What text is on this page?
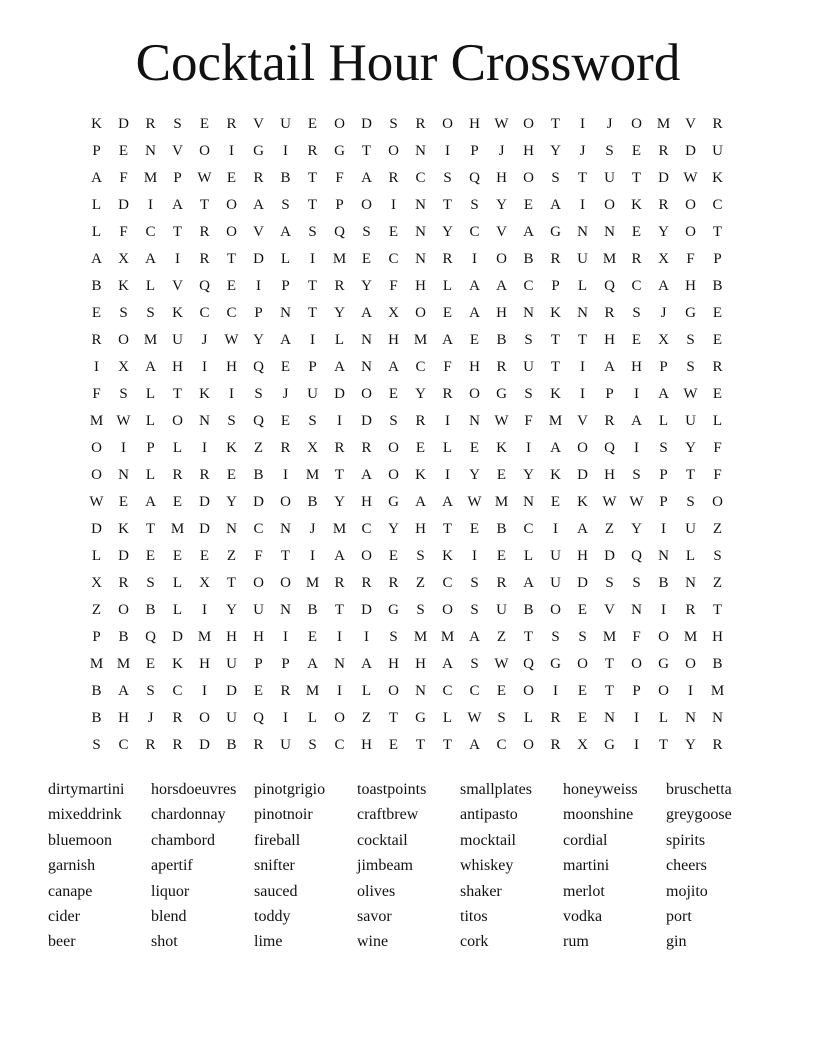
Cocktail Hour Crossword
K	D	R	S	E	R	V	U	E	O	D	S	R	O	H W O	T	I	J	O M V	R
P	E	N	V	O	I	G	I	R	G	T	O	N	I	P	J	H	Y	J	S	E	R	D	U
A	F	M	P	W	E	R	B	T	F	A	R	C	S	Q	H	O	S	T	U	T	D W K
L	D	I	A	T	O	A	S	T	P	O	I	N	T	S	Y	E	A	I	O	K	R	O	C
L	F	C	T	R	O	V	A	S	Q	S	E	N	Y	C	V	A	G	N	N	E	Y	O	T
A	X	A	I	R	T	D	L	I	M	E	C	N	R	I	O	B	R	U M	R	X	F	P
B	K	L	V	Q	E	I	P	T	R	Y	F	H	L	A	A	C	P	L	Q	C	A	H	B
E	S	S	K	C	C	P	N	T	Y	A	X	O	E	A	H	N	K	N	R	S	J	G	E
R	O M U	J	W Y	A	I	L	N	H M A	E	B	S	T	T	H	E	X	S	E
I	X	A	H	I	H	Q	E	P	A	N	A	C	F	H	R	U	T	I	A	H	P	S	R
F	S	L	T	K	I	S	J	U	D	O	E	Y	R	O	G	S	K	I	P	I	A W	E
M W	L	O	N	S	Q	E	S	I	D	S	R	I	N W	F	M V	R	A	L	U	L
O	I	P	L	I	K	Z	R	X	R	R	O	E	L	E	K	I	A	O	Q	I	S	Y	F
O	N	L	R	R	E	B	I	M	T	A	O	K	I	Y	E	Y	K	D	H	S	P	T	F
W	E	A	E	D	Y	D	O	B	Y	H	G	A	A W M N	E	K W W	P	S	O
D	K	T	M D	N	C	N	J	M	C	Y	H	T	E	B	C	I	A	Z	Y	I	U	Z
L	D	E	E	E	Z	F	T	I	A	O	E	S	K	I	E	L	U	H	D	Q	N	L	S
X	R	S	L	X	T	O	O M	R	R	R	Z	C	S	R	A	U	D	S	S	B	N	Z
Z	O	B	L	I	Y	U	N	B	T	D	G	S	O	S	U	B	O	E	V	N	I	R	T
P	B	Q	D M H	H	I	E	I	I	S	M M A	Z	T	S	S	M	F	O M H
M M	E	K	H	U	P	P	A	N	A	H	H	A	S	W Q	G	O	T	O	G	O	B
B	A	S	C	I	D	E	R	M	I	L	O	N	C	C	E	O	I	E	T	P	O	I	M
B	H	J	R	O	U	Q	I	L	O	Z	T	G	L	W	S	L	R	E	N	I	L	N	N
S	C	R	R	D	B	R	U	S	C	H	E	T	T	A	C	O	R	X	G	I	T	Y	R
dirtymartini	horsdoeuvres	pinotgrigio	toastpoints	smallplates	honeyweiss	bruschetta
mixeddrink	chardonnay	pinotnoir	craftbrew	antipasto	moonshine	greygoose
bluemoon	chambord	fireball	cocktail	mocktail	cordial	spirits
garnish	apertif	snifter	jimbeam	whiskey	martini	cheers
canape	liquor	sauced	olives	shaker	merlot	mojito
cider	blend	toddy	savor	titos	vodka	port
beer	shot	lime	wine	cork	rum	gin
